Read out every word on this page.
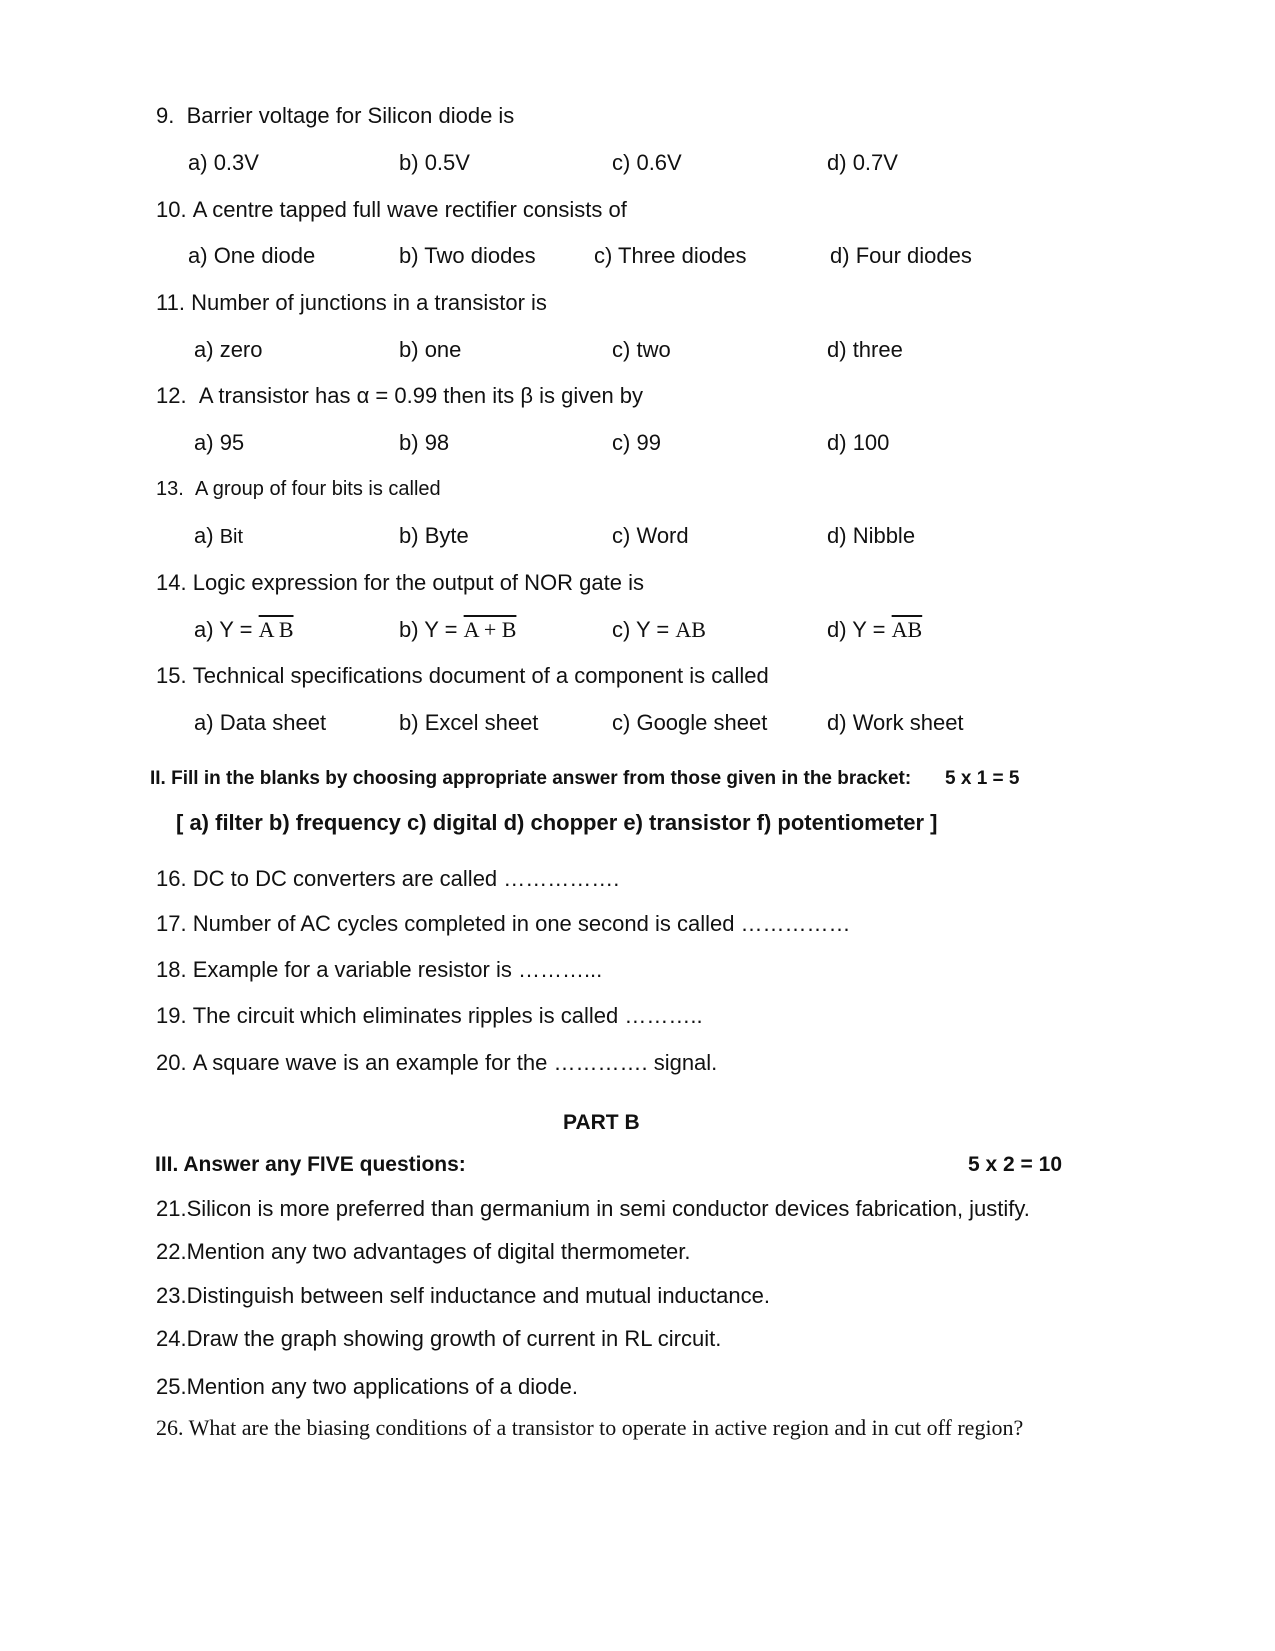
9. Barrier voltage for Silicon diode is
a) 0.3V	b) 0.5V	c) 0.6V	d) 0.7V
10. A centre tapped full wave rectifier consists of
a) One diode	b) Two diodes	c) Three diodes	d) Four diodes
11. Number of junctions in a transistor is
a) zero	b) one	c) two	d) three
12. A transistor has α = 0.99 then its β is given by
a) 95	b) 98	c) 99	d) 100
13. A group of four bits is called
a) Bit	b) Byte	c) Word	d) Nibble
14. Logic expression for the output of NOR gate is
a) Y = A B	b) Y = A + B	c) Y = AB	d) $Y = \overline{AB}$
15. Technical specifications document of a component is called
a) Data sheet	b) Excel sheet	c) Google sheet	d) Work sheet
II. Fill in the blanks by choosing appropriate answer from those given in the bracket: 5 x 1 = 5
[ a) filter b) frequency c) digital d) chopper e) transistor f) potentiometer ]
16. DC to DC converters are called …………….
17. Number of AC cycles completed in one second is called ……………
18. Example for a variable resistor is ………...
19. The circuit which eliminates ripples is called ………..
20. A square wave is an example for the …………. signal.
PART B
III. Answer any FIVE questions:	5 x 2 = 10
21.Silicon is more preferred than germanium in semi conductor devices fabrication, justify.
22.Mention any two advantages of digital thermometer.
23.Distinguish between self inductance and mutual inductance.
24.Draw the graph showing growth of current in RL circuit.
25.Mention any two applications of a diode.
26. What are the biasing conditions of a transistor to operate in active region and in cut off region?
